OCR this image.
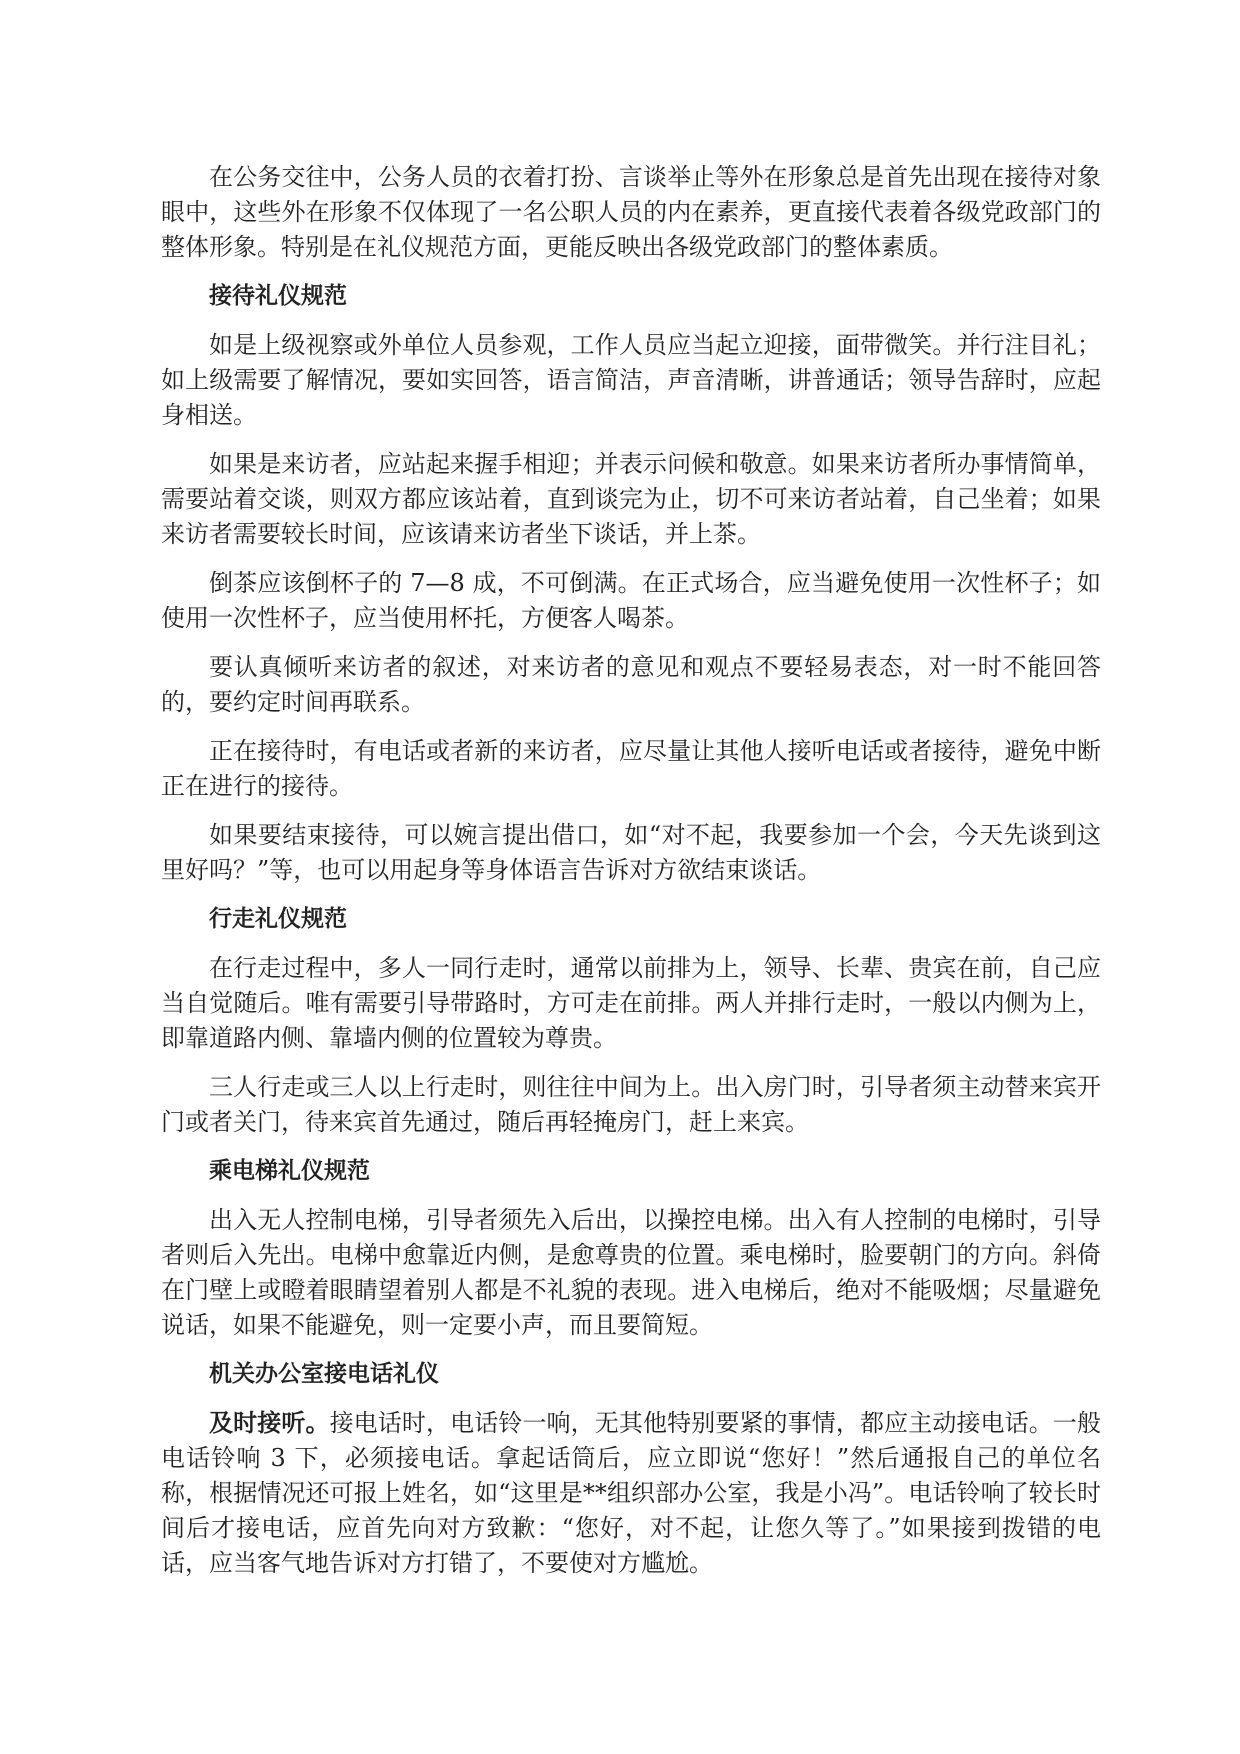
在公务交往中，公务人员的衣着打扮、言谈举止等外在形象总是首先出现在接待对象眼中，这些外在形象不仅体现了一名公职人员的内在素养，更直接代表着各级党政部门的整体形象。特别是在礼仪规范方面，更能反映出各级党政部门的整体素质。

接待礼仪规范

如是上级视察或外单位人员参观，工作人员应当起立迎接，面带微笑。并行注目礼；如上级需要了解情况，要如实回答，语言简洁，声音清晰，讲普通话；领导告辞时，应起身相送。

如果是来访者，应站起来握手相迎；并表示问候和敬意。如果来访者所办事情简单，需要站着交谈，则双方都应该站着，直到谈完为止，切不可来访者站着，自己坐着；如果来访者需要较长时间，应该请来访者坐下谈话，并上茶。

倒茶应该倒杯子的 7—8 成，不可倒满。在正式场合，应当避免使用一次性杯子；如使用一次性杯子，应当使用杯托，方便客人喝茶。

要认真倾听来访者的叙述，对来访者的意见和观点不要轻易表态，对一时不能回答的，要约定时间再联系。

正在接待时，有电话或者新的来访者，应尽量让其他人接听电话或者接待，避免中断正在进行的接待。

如果要结束接待，可以婉言提出借口，如“对不起，我要参加一个会，今天先谈到这里好吗？”等，也可以用起身等身体语言告诉对方欲结束谈话。

行走礼仪规范

在行走过程中，多人一同行走时，通常以前排为上，领导、长辈、贵宾在前，自己应当自觉随后。唯有需要引导带路时，方可走在前排。两人并排行走时，一般以内侧为上，即靠道路内侧、靠墙内侧的位置较为尊贵。

三人行走或三人以上行走时，则往往中间为上。出入房门时，引导者须主动替来宾开门或者关门，待来宾首先通过，随后再轻掩房门，赶上来宾。

乘电梯礼仪规范

出入无人控制电梯，引导者须先入后出，以操控电梯。出入有人控制的电梯时，引导者则后入先出。电梯中愈靠近内侧，是愈尊贵的位置。乘电梯时，脸要朝门的方向。斜倚在门壁上或瞪着眼睛望着别人都是不礼貌的表现。进入电梯后，绝对不能吸烟；尽量避免说话，如果不能避免，则一定要小声，而且要简短。

机关办公室接电话礼仪

及时接听。接电话时，电话铃一响，无其他特别要紧的事情，都应主动接电话。一般电话铃响 3 下，必须接电话。拿起话筒后，应立即说“您好！”然后通报自己的单位名称，根据情况还可报上姓名，如“这里是**组织部办公室，我是小冯”。电话铃响了较长时间后才接电话，应首先向对方致歉：“您好，对不起，让您久等了。”如果接到拨错的电话，应当客气地告诉对方打错了，不要使对方尴尬。
